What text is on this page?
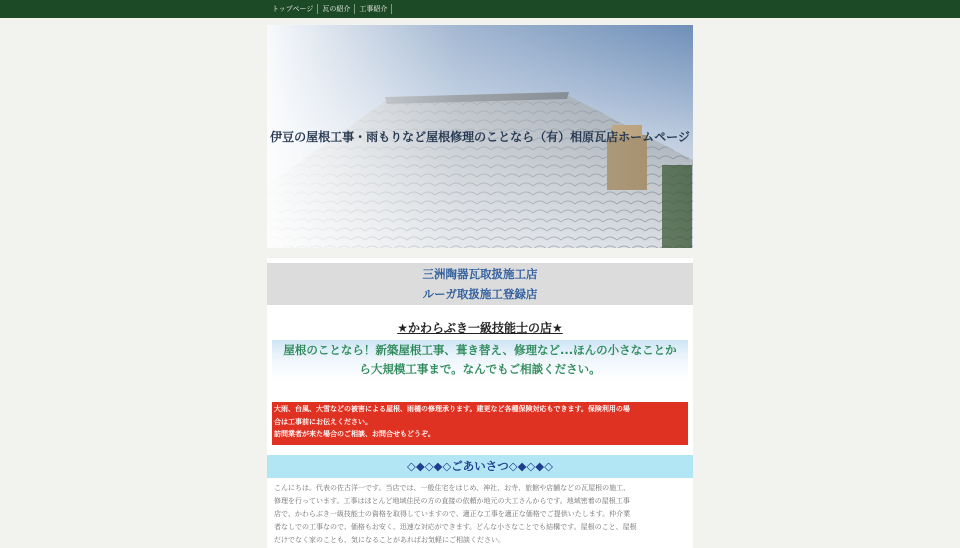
トップページ	瓦の紹介	工事紹介
伊豆の屋根工事・雨もりなど屋根修理のことなら（有）相原瓦店ホームページ
三洲陶器瓦取扱施工店
ルーガ取扱施工登録店
★かわらぶき一級技能士の店★
屋根のことなら！新築屋根工事、葺き替え、修理など...ほんの小さなことか
ら大規模工事まで。なんでもご相談ください。
大雨、台風、大雪などの被害による屋根、雨樋の修理承ります。建更など各種保険対応もできます。保険利用の場
合は工事前にお伝えください。
訪問業者が来た場合のご相談、お問合せもどうぞ。
◇◆◇◆◇ごあいさつ◇◆◇◆◇
こんにちは。代表の佐古洋一です。当店では、一般住宅をはじめ、神社、お寺、旅館や店舗などの瓦屋根の施工、
修理を行っています。工事はほとんど地域住民の方の直接の依頼か地元の大工さんからです。地域密着の屋根工事
店で、かわらぶき一級技能士の資格を取得していますので、適正な工事を適正な価格でご提供いたします。仲介業
者なしでの工事なので、価格もお安く、迅速な対応ができます。どんな小さなことでも結構です。屋根のこと、屋根
だけでなく家のことも、気になることがあればお気軽にご相談ください。
